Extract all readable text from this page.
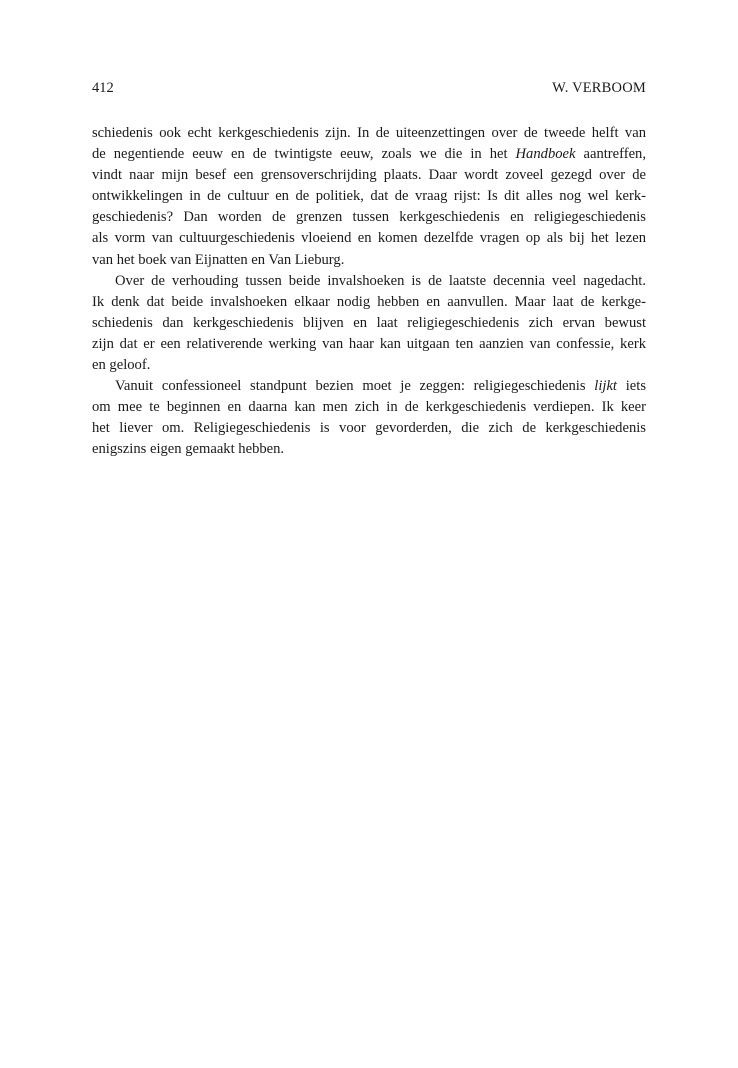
412	W. VERBOOM

schiedenis ook echt kerkgeschiedenis zijn. In de uiteenzettingen over de tweede helft van
de negentiende eeuw en de twintigste eeuw, zoals we die in het Handboek aantreffen,
vindt naar mijn besef een grensoverschrijding plaats. Daar wordt zoveel gezegd over de
ontwikkelingen in de cultuur en de politiek, dat de vraag rijst: Is dit alles nog wel kerk-
geschiedenis? Dan worden de grenzen tussen kerkgeschiedenis en religiegeschiedenis
als vorm van cultuurgeschiedenis vloeiend en komen dezelfde vragen op als bij het lezen
van het boek van Eijnatten en Van Lieburg.

Over de verhouding tussen beide invalshoeken is de laatste decennia veel nagedacht.
Ik denk dat beide invalshoeken elkaar nodig hebben en aanvullen. Maar laat de kerkge-
schiedenis dan kerkgeschiedenis blijven en laat religiegeschiedenis zich ervan bewust
zijn dat er een relativerende werking van haar kan uitgaan ten aanzien van confessie, kerk
en geloof.

Vanuit confessioneel standpunt bezien moet je zeggen: religiegeschiedenis lijkt iets
om mee te beginnen en daarna kan men zich in de kerkgeschiedenis verdiepen. Ik keer
het liever om. Religiegeschiedenis is voor gevorderden, die zich de kerkgeschiedenis
enigszins eigen gemaakt hebben.
